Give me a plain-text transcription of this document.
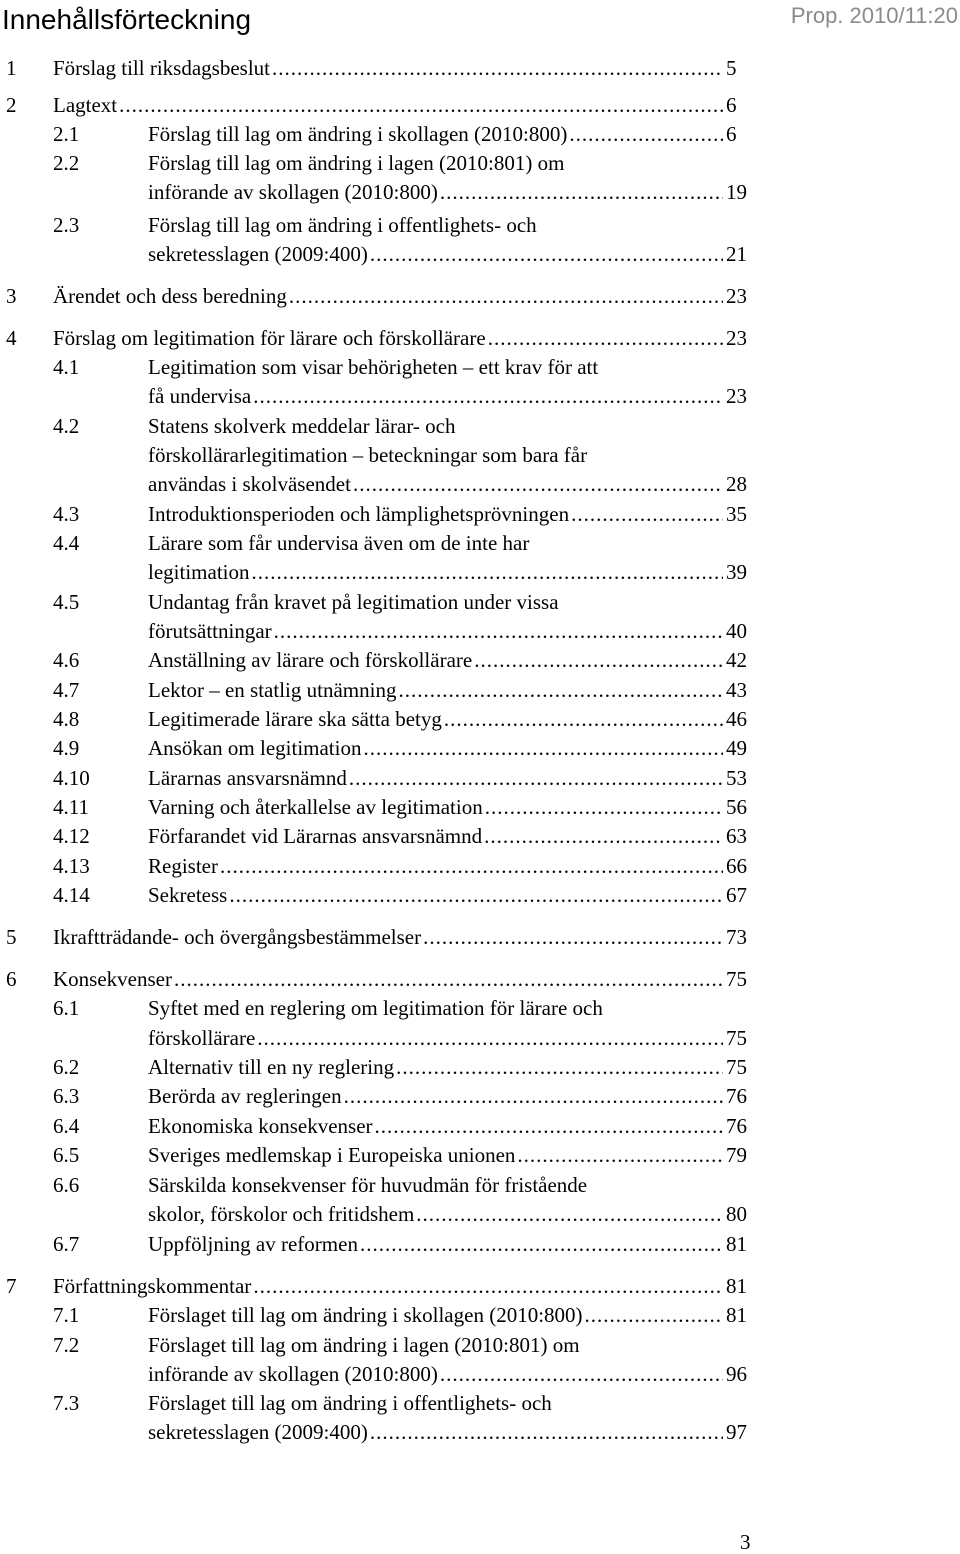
Innehållsförteckning	Prop. 2010/11:20
1 Förslag till riksdagsbeslut .....	5
2 Lagtext .....	6
2.1	Förslag till lag om ändring i skollagen (2010:800) .....	6
2.2	Förslag till lag om ändring i lagen (2010:801) om
införande av skollagen (2010:800) .....	19
2.3	Förslag till lag om ändring i offentlighets- och
sekretesslagen (2009:400) .....	21
3 Ärendet och dess beredning .....	23
4 Förslag om legitimation för lärare och förskollärare .....	23
4.1	Legitimation som visar behörigheten – ett krav för att
få undervisa .....	23
4.2	Statens skolverk meddelar lärar- och
förskollärarlegitimation – beteckningar som bara får
användas i skolväsendet .....	28
4.3	Introduktionsperioden och lämplighetsprövningen .....	35
4.4	Lärare som får undervisa även om de inte har
legitimation .....	39
4.5	Undantag från kravet på legitimation under vissa
förutsättningar .....	40
4.6	Anställning av lärare och förskollärare .....	42
4.7	Lektor – en statlig utnämning .....	43
4.8	Legitimerade lärare ska sätta betyg .....	46
4.9	Ansökan om legitimation .....	49
4.10	Lärarnas ansvarsnämnd .....	53
4.11	Varning och återkallelse av legitimation .....	56
4.12	Förfarandet vid Lärarnas ansvarsnämnd .....	63
4.13	Register .....	66
4.14	Sekretess .....	67
5 Ikraftträdande- och övergångsbestämmelser .....	73
6 Konsekvenser .....	75
6.1	Syftet med en reglering om legitimation för lärare och
förskollärare .....	75
6.2	Alternativ till en ny reglering .....	75
6.3	Berörda av regleringen .....	76
6.4	Ekonomiska konsekvenser .....	76
6.5	Sveriges medlemskap i Europeiska unionen .....	79
6.6	Särskilda konsekvenser för huvudmän för fristående
skolor, förskolor och fritidshem .....	80
6.7	Uppföljning av reformen .....	81
7 Författningskommentar .....	81
7.1	Förslaget till lag om ändring i skollagen (2010:800) .....	81
7.2	Förslaget till lag om ändring i lagen (2010:801) om
införande av skollagen (2010:800) .....	96
7.3	Förslaget till lag om ändring i offentlighets- och
sekretesslagen (2009:400) .....	97
3
